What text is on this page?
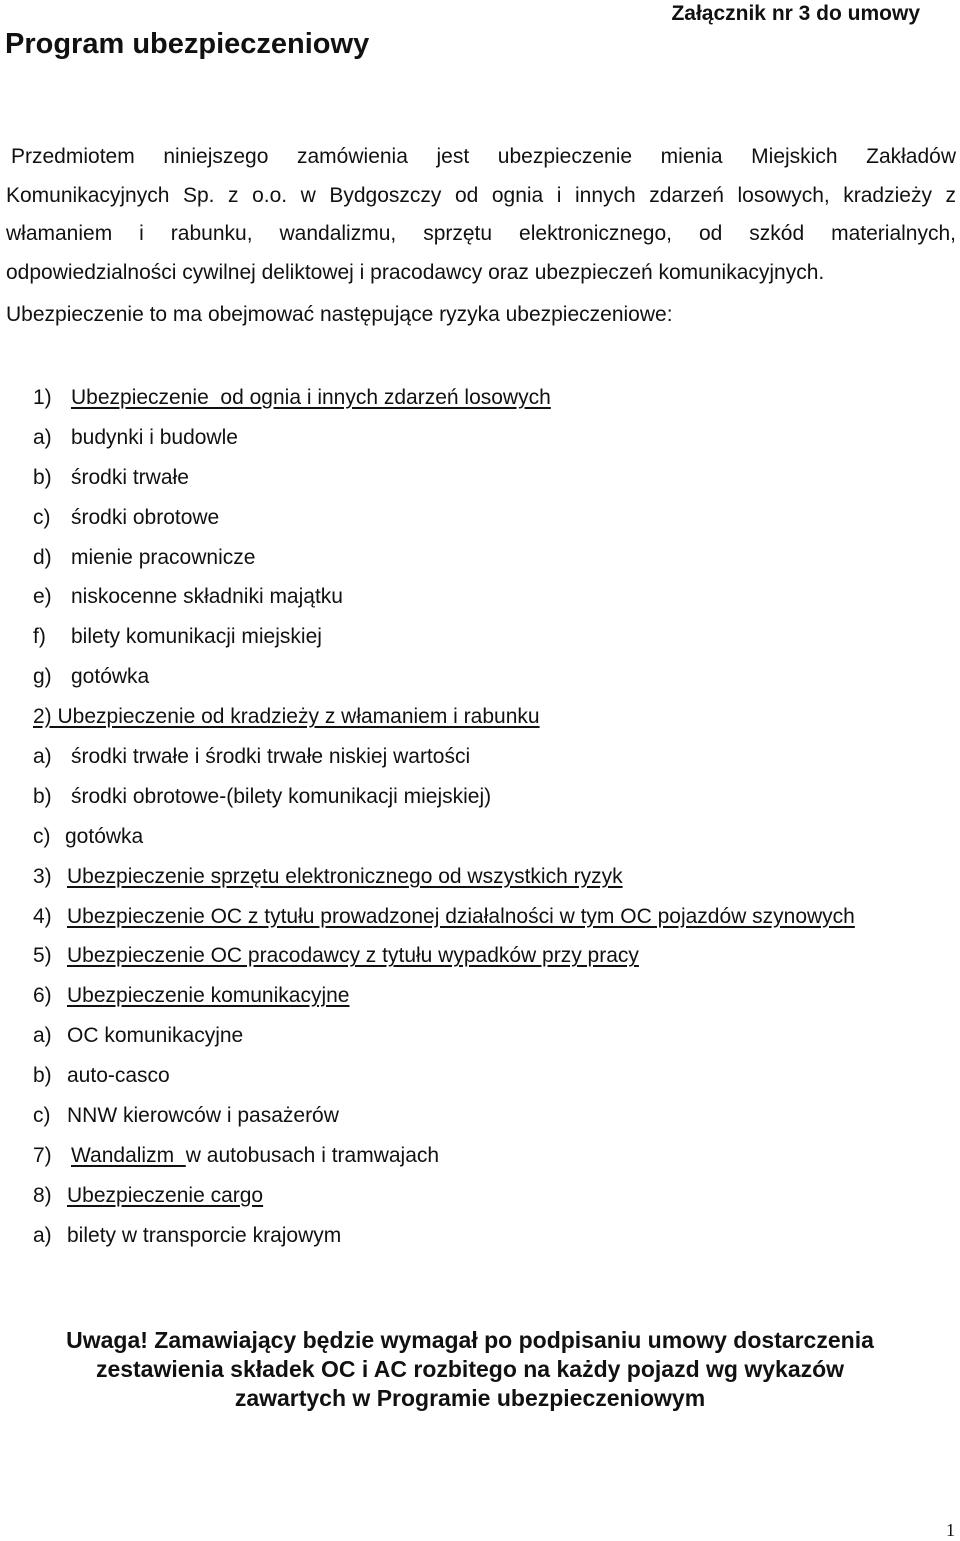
Załącznik nr 3 do umowy
Program ubezpieczeniowy

Przedmiotem niniejszego zamówienia jest ubezpieczenie mienia Miejskich Zakładów Komunikacyjnych Sp. z o.o. w Bydgoszczy od ognia i innych zdarzeń losowych, kradzieży z włamaniem i rabunku, wandalizmu, sprzętu elektronicznego, od szkód materialnych, odpowiedzialności cywilnej deliktowej i pracodawcy oraz ubezpieczeń komunikacyjnych.

Ubezpieczenie to ma obejmować następujące ryzyka ubezpieczeniowe:

1) Ubezpieczenie  od ognia i innych zdarzeń losowych
a) budynki i budowle
b) środki trwałe
c) środki obrotowe
d) mienie pracownicze
e) niskocenne składniki majątku
f) bilety komunikacji miejskiej
g) gotówka
2) Ubezpieczenie od kradzieży z włamaniem i rabunku
a) środki trwałe i środki trwałe niskiej wartości
b) środki obrotowe-(bilety komunikacji miejskiej)
c) gotówka
3) Ubezpieczenie sprzętu elektronicznego od wszystkich ryzyk
4) Ubezpieczenie OC z tytułu prowadzonej działalności w tym OC pojazdów szynowych
5) Ubezpieczenie OC pracodawcy z tytułu wypadków przy pracy
6) Ubezpieczenie komunikacyjne
a) OC komunikacyjne
b) auto-casco
c) NNW kierowców i pasażerów
7) Wandalizm  w autobusach i tramwajach
8) Ubezpieczenie cargo
a) bilety w transporcie krajowym

Uwaga! Zamawiający będzie wymagał po podpisaniu umowy dostarczenia
zestawienia składek OC i AC rozbitego na każdy pojazd wg wykazów
zawartych w Programie ubezpieczeniowym

1
